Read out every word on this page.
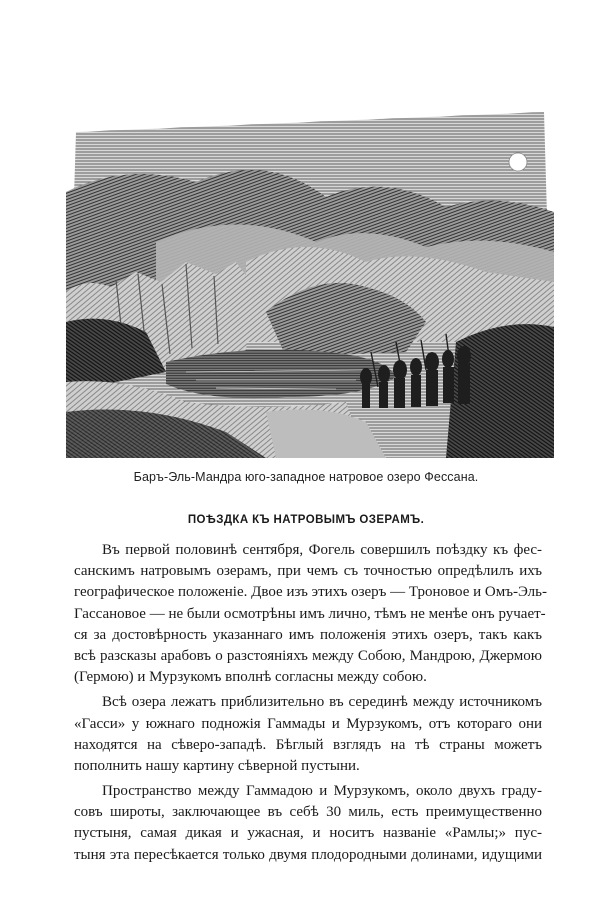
Баръ-Эль-Мандра юго-западное натровое озеро Фессана.
ПОѢЗДКА КЪ НАТРОВЫМЪ ОЗЕРАМЪ.
Въ первой половинѣ сентября, Фогель совершилъ поѣздку къ фес-
санскимъ натровымъ озерамъ, при чемъ съ точностью опредѣлилъ ихъ
географическое положеніе. Двое изъ этихъ озеръ — Троновое и Омъ-Эль-
Гассановое — не были осмотрѣны имъ лично, тѣмъ не менѣе онъ ручает-
ся за достовѣрность указаннаго имъ положенія этихъ озеръ, такъ какъ
всѣ разсказы арабовъ о разстояніяхъ между Собою, Мандрою, Джермою
(Гермою) и Мурзукомъ вполнѣ согласны между собою.
Всѣ озера лежатъ приблизительно въ серединѣ между источникомъ
«Гасси» у южнаго подножія Гаммады и Мурзукомъ, отъ котораго они
находятся на сѣверо-западѣ. Бѣглый взглядъ на тѣ страны можетъ
пополнить нашу картину сѣверной пустыни.
Пространство между Гаммадою и Мурзукомъ, около двухъ граду-
совъ широты, заключающее въ себѣ 30 миль, есть преимущественно
пустыня, самая дикая и ужасная, и носитъ названіе «Рамлы;» пус-
тыня эта пересѣкается только двумя плодородными долинами, идущими
